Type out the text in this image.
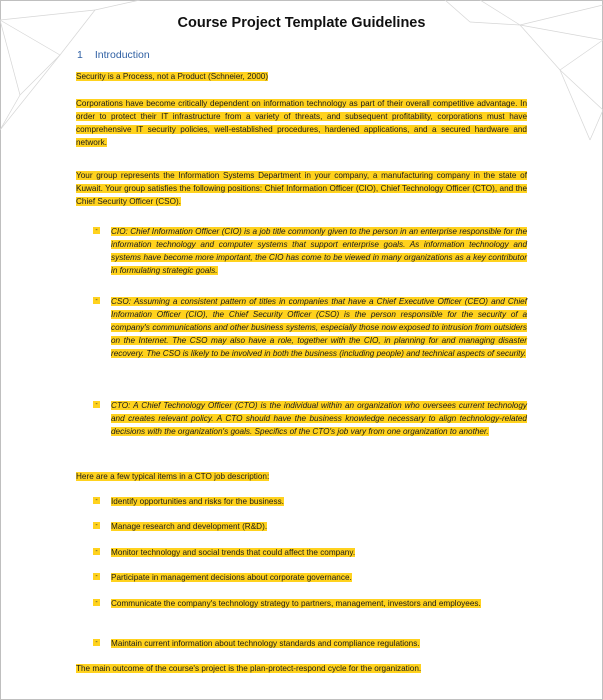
Course Project Template Guidelines
1 Introduction

Security is a Process, not a Product (Schneier, 2000)

Corporations have become critically dependent on information technology as part of their overall competitive advantage. In order to protect their IT infrastructure from a variety of threats, and subsequent profitability, corporations must have comprehensive IT security policies, well-established procedures, hardened applications, and a secured hardware and network.

Your group represents the Information Systems Department in your company, a manufacturing company in the state of Kuwait. Your group satisfies the following positions: Chief Information Officer (CIO), Chief Technology Officer (CTO), and the Chief Security Officer (CSO).

- CIO: Chief Information Officer (CIO) is a job title commonly given to the person in an enterprise responsible for the information technology and computer systems that support enterprise goals. As information technology and systems have become more important, the CIO has come to be viewed in many organizations as a key contributor in formulating strategic goals.
- CSO: Assuming a consistent pattern of titles in companies that have a Chief Executive Officer (CEO) and Chief Information Officer (CIO), the Chief Security Officer (CSO) is the person responsible for the security of a company's communications and other business systems, especially those now exposed to intrusion from outsiders on the Internet. The CSO may also have a role, together with the CIO, in planning for and managing disaster recovery. The CSO is likely to be involved in both the business (including people) and technical aspects of security.
- CTO: A Chief Technology Officer (CTO) is the individual within an organization who oversees current technology and creates relevant policy. A CTO should have the business knowledge necessary to align technology-related decisions with the organization's goals. Specifics of the CTO's job vary from one organization to another.

Here are a few typical items in a CTO job description:

- Identify opportunities and risks for the business.
- Manage research and development (R&D).
- Monitor technology and social trends that could affect the company.
- Participate in management decisions about corporate governance.
- Communicate the company's technology strategy to partners, management, investors and employees.
- Maintain current information about technology standards and compliance regulations.

The main outcome of the course's project is the plan-protect-respond cycle for the organization.
